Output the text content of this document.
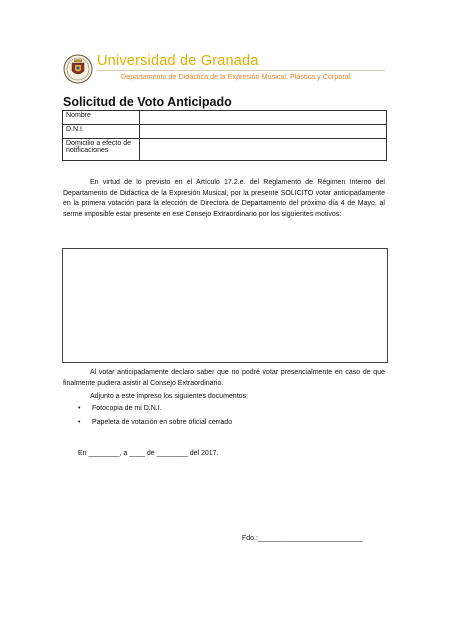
Universidad de Granada
Departamento de Didáctica de la Expresión Musical, Plástica y Corporal
Solicitud de Voto Anticipado
Nombre	
D.N.I.	
Domicilio a efecto de notificaciones	

En virtud de lo previsto en el Artículo 17.2.e. del Reglamento de Régimen Interno del Departamento de Didáctica de la Expresión Musical, por la presente SOLICITO votar anticipadamente en la primera votación para la elección de Directora de Departamento del próximo día 4 de Mayo, al serme imposible estar presente en ese Consejo Extraordinario por los siguientes motivos:

Al votar anticipadamente declaro saber que no podré votar presencialmente en caso de que finalmente pudiera asistir al Consejo Extraordinario.

Adjunto a este impreso los siguientes documentos:
• Fotocopia de mi D.N.I.
• Papeleta de votación en sobre oficial cerrado
En ________, a ____ de ________ del 2017.
Fdo.:___________________________
